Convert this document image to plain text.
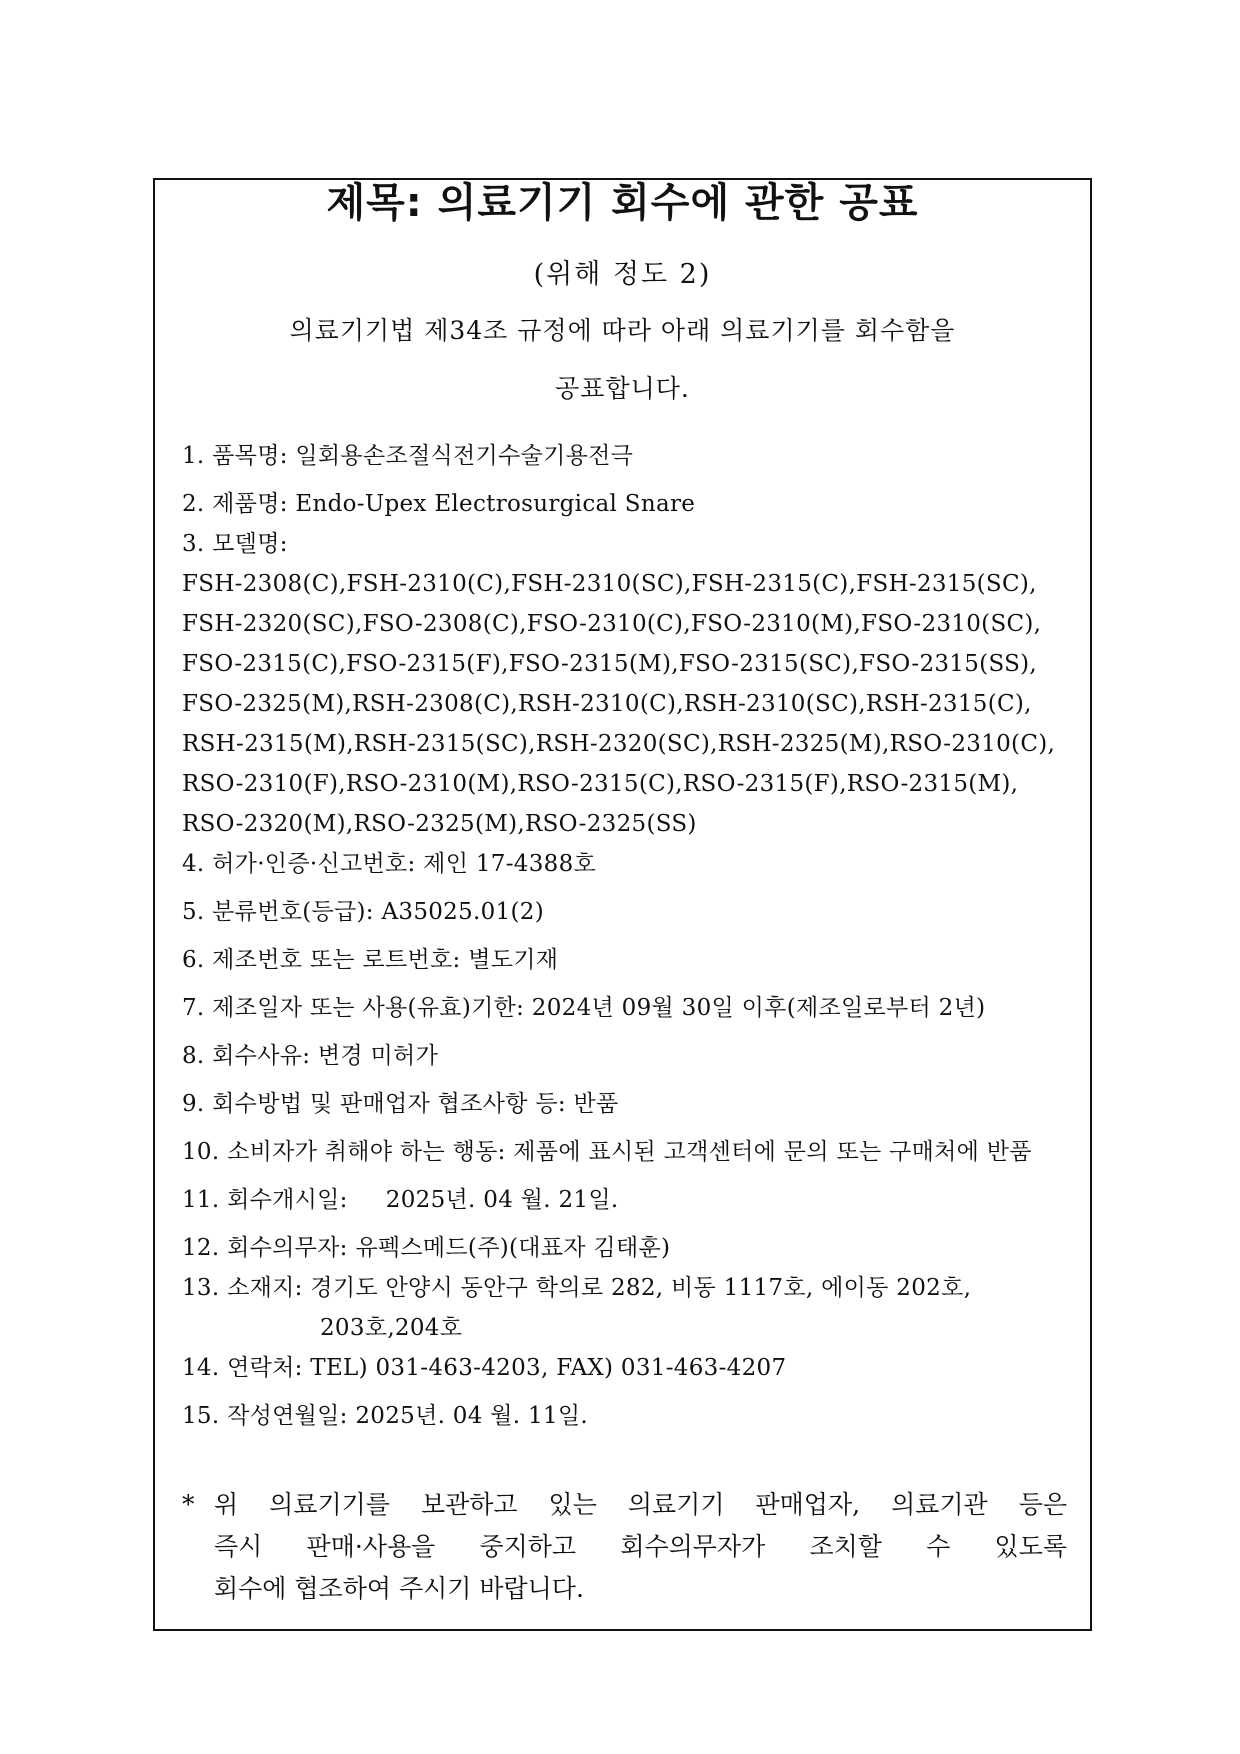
제목: 의료기기 회수에 관한 공표
(위해 정도 2)
의료기기법 제34조 규정에 따라 아래 의료기기를 회수함을
공표합니다.
1. 품목명: 일회용손조절식전기수술기용전극
2. 제품명: Endo-Upex Electrosurgical Snare
3. 모델명:
FSH-2308(C),FSH-2310(C),FSH-2310(SC),FSH-2315(C),FSH-2315(SC),
FSH-2320(SC),FSO-2308(C),FSO-2310(C),FSO-2310(M),FSO-2310(SC),
FSO-2315(C),FSO-2315(F),FSO-2315(M),FSO-2315(SC),FSO-2315(SS),
FSO-2325(M),RSH-2308(C),RSH-2310(C),RSH-2310(SC),RSH-2315(C),
RSH-2315(M),RSH-2315(SC),RSH-2320(SC),RSH-2325(M),RSO-2310(C),
RSO-2310(F),RSO-2310(M),RSO-2315(C),RSO-2315(F),RSO-2315(M),
RSO-2320(M),RSO-2325(M),RSO-2325(SS)
4. 허가·인증·신고번호: 제인 17-4388호
5. 분류번호(등급): A35025.01(2)
6. 제조번호 또는 로트번호: 별도기재
7. 제조일자 또는 사용(유효)기한: 2024년 09월 30일 이후(제조일로부터 2년)
8. 회수사유: 변경 미허가
9. 회수방법 및 판매업자 협조사항 등: 반품
10. 소비자가 취해야 하는 행동: 제품에 표시된 고객센터에 문의 또는 구매처에 반품
11. 회수개시일:     2025년. 04 월. 21일.
12. 회수의무자: 유펙스메드(주)(대표자 김태훈)
13. 소재지: 경기도 안양시 동안구 학의로 282, 비동 1117호, 에이동 202호,
203호,204호
14. 연락처: TEL) 031-463-4203, FAX) 031-463-4207
15. 작성연월일: 2025년. 04 월. 11일.
* 위 의료기기를 보관하고 있는 의료기기 판매업자, 의료기관 등은
즉시 판매·사용을 중지하고 회수의무자가 조치할 수 있도록
회수에 협조하여 주시기 바랍니다.
